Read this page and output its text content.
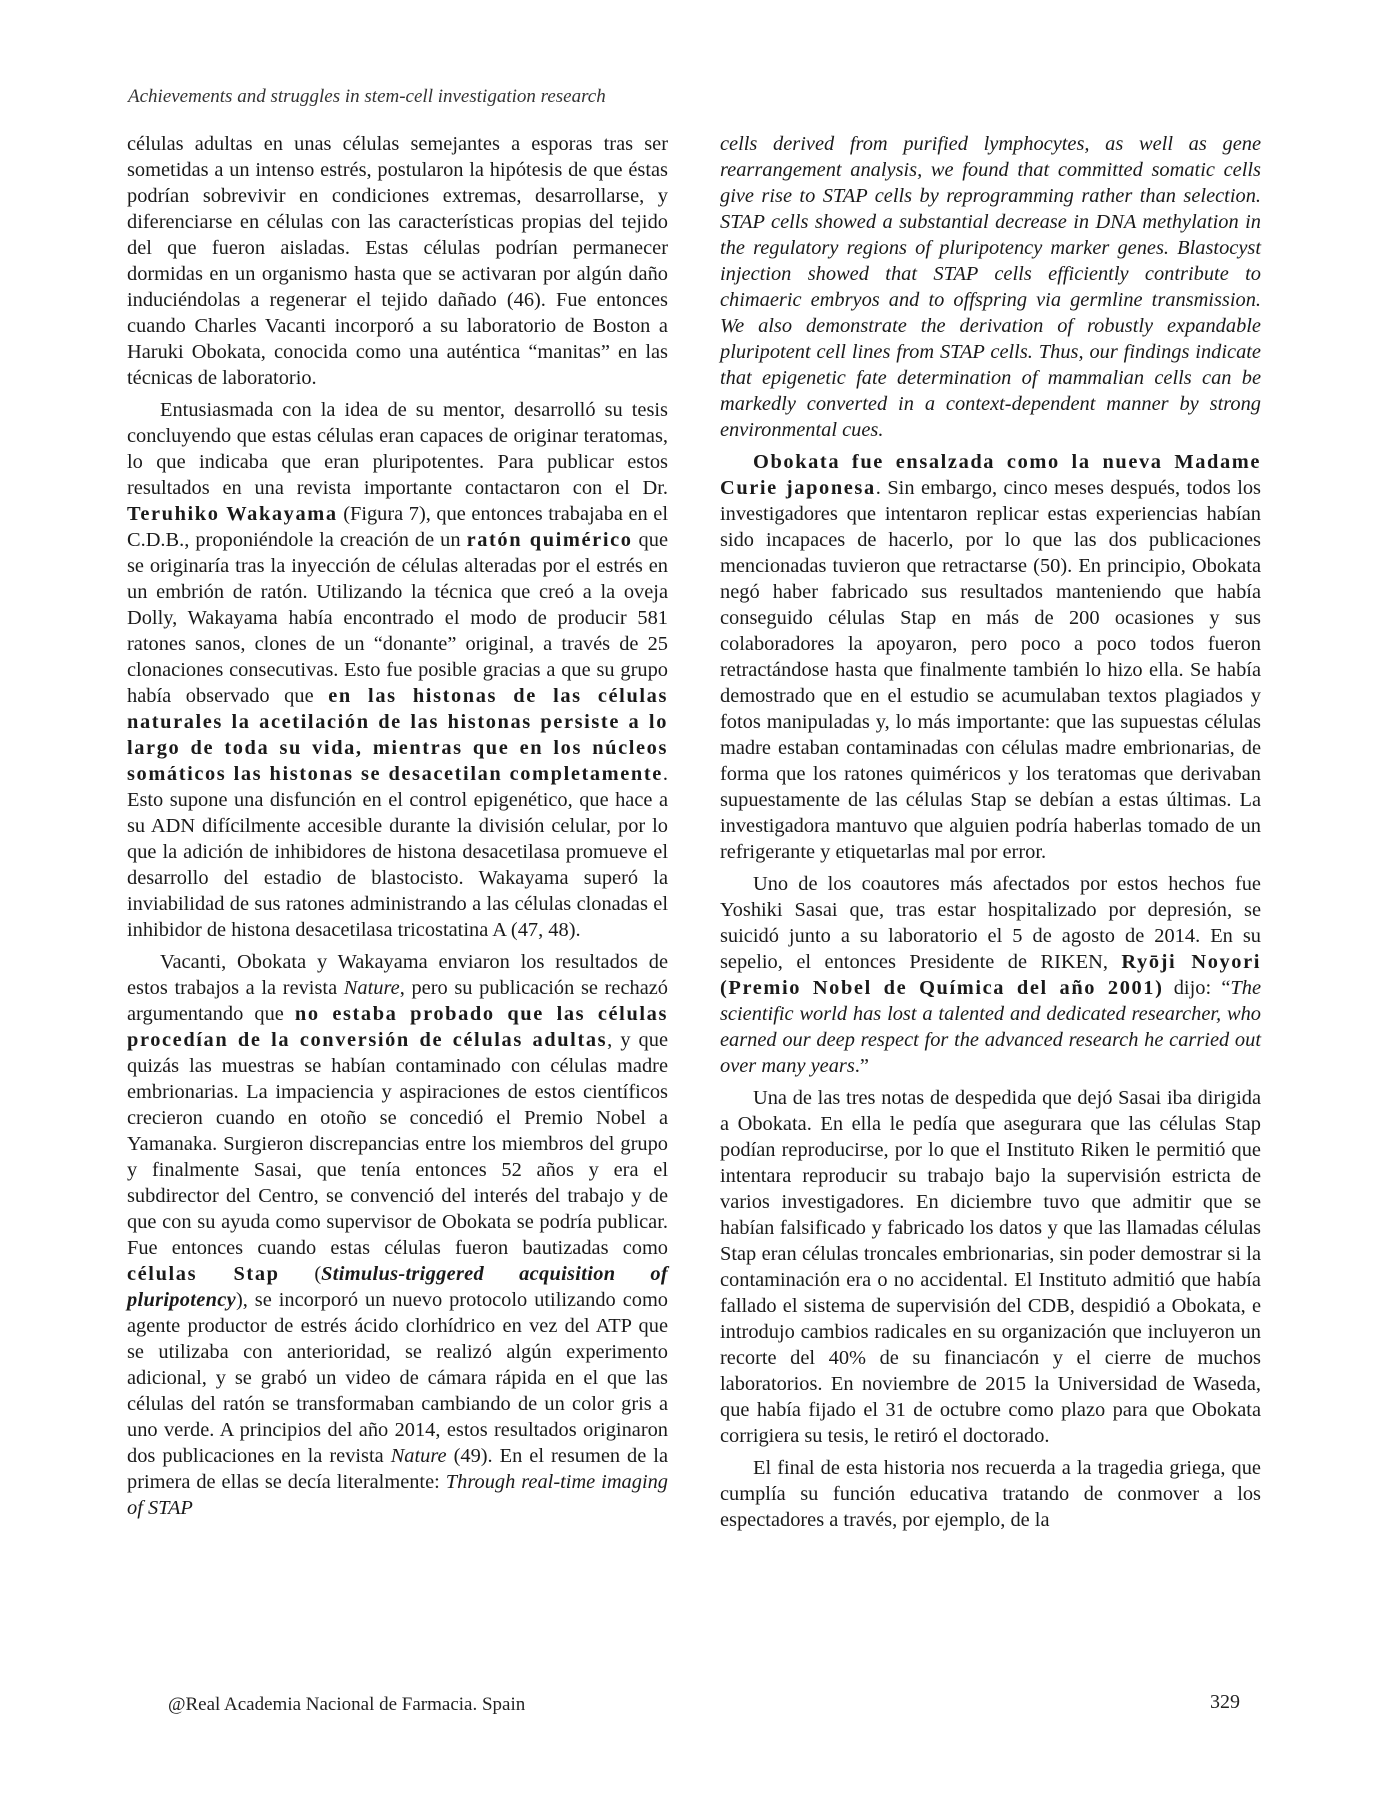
Achievements and struggles in stem-cell investigation research

células adultas en unas células semejantes a esporas tras ser sometidas a un intenso estrés, postularon la hipótesis de que éstas podrían sobrevivir en condiciones extremas, desarrollarse, y diferenciarse en células con las características propias del tejido del que fueron aisladas. Estas células podrían permanecer dormidas en un organismo hasta que se activaran por algún daño induciéndolas a regenerar el tejido dañado (46). Fue entonces cuando Charles Vacanti incorporó a su laboratorio de Boston a Haruki Obokata, conocida como una auténtica “manitas” en las técnicas de laboratorio.

Entusiasmada con la idea de su mentor, desarrolló su tesis concluyendo que estas células eran capaces de originar teratomas, lo que indicaba que eran pluripotentes. Para publicar estos resultados en una revista importante contactaron con el Dr. Teruhiko Wakayama (Figura 7), que entonces trabajaba en el C.D.B., proponiéndole la creación de un ratón quimérico que se originaría tras la inyección de células alteradas por el estrés en un embrión de ratón. Utilizando la técnica que creó a la oveja Dolly, Wakayama había encontrado el modo de producir 581 ratones sanos, clones de un “donante” original, a través de 25 clonaciones consecutivas. Esto fue posible gracias a que su grupo había observado que en las histonas de las células naturales la acetilación de las histonas persiste a lo largo de toda su vida, mientras que en los núcleos somáticos las histonas se desacetilan completamente. Esto supone una disfunción en el control epigenético, que hace a su ADN difícilmente accesible durante la división celular, por lo que la adición de inhibidores de histona desacetilasa promueve el desarrollo del estadio de blastocisto. Wakayama superó la inviabilidad de sus ratones administrando a las células clonadas el inhibidor de histona desacetilasa tricostatina A (47, 48).

Vacanti, Obokata y Wakayama enviaron los resultados de estos trabajos a la revista Nature, pero su publicación se rechazó argumentando que no estaba probado que las células procedían de la conversión de células adultas, y que quizás las muestras se habían contaminado con células madre embrionarias. La impaciencia y aspiraciones de estos científicos crecieron cuando en otoño se concedió el Premio Nobel a Yamanaka. Surgieron discrepancias entre los miembros del grupo y finalmente Sasai, que tenía entonces 52 años y era el subdirector del Centro, se convenció del interés del trabajo y de que con su ayuda como supervisor de Obokata se podría publicar. Fue entonces cuando estas células fueron bautizadas como células Stap (Stimulus-triggered acquisition of pluripotency), se incorporó un nuevo protocolo utilizando como agente productor de estrés ácido clorhídrico en vez del ATP que se utilizaba con anterioridad, se realizó algún experimento adicional, y se grabó un video de cámara rápida en el que las células del ratón se transformaban cambiando de un color gris a uno verde. A principios del año 2014, estos resultados originaron dos publicaciones en la revista Nature (49). En el resumen de la primera de ellas se decía literalmente: Through real-time imaging of STAP

cells derived from purified lymphocytes, as well as gene rearrangement analysis, we found that committed somatic cells give rise to STAP cells by reprogramming rather than selection. STAP cells showed a substantial decrease in DNA methylation in the regulatory regions of pluripotency marker genes. Blastocyst injection showed that STAP cells efficiently contribute to chimaeric embryos and to offspring via germline transmission. We also demonstrate the derivation of robustly expandable pluripotent cell lines from STAP cells. Thus, our findings indicate that epigenetic fate determination of mammalian cells can be markedly converted in a context-dependent manner by strong environmental cues.

Obokata fue ensalzada como la nueva Madame Curie japonesa. Sin embargo, cinco meses después, todos los investigadores que intentaron replicar estas experiencias habían sido incapaces de hacerlo, por lo que las dos publicaciones mencionadas tuvieron que retractarse (50). En principio, Obokata negó haber fabricado sus resultados manteniendo que había conseguido células Stap en más de 200 ocasiones y sus colaboradores la apoyaron, pero poco a poco todos fueron retractándose hasta que finalmente también lo hizo ella. Se había demostrado que en el estudio se acumulaban textos plagiados y fotos manipuladas y, lo más importante: que las supuestas células madre estaban contaminadas con células madre embrionarias, de forma que los ratones quiméricos y los teratomas que derivaban supuestamente de las células Stap se debían a estas últimas. La investigadora mantuvo que alguien podría haberlas tomado de un refrigerante y etiquetarlas mal por error.

Uno de los coautores más afectados por estos hechos fue Yoshiki Sasai que, tras estar hospitalizado por depresión, se suicidó junto a su laboratorio el 5 de agosto de 2014. En su sepelio, el entonces Presidente de RIKEN, Ryōji Noyori (Premio Nobel de Química del año 2001) dijo: “The scientific world has lost a talented and dedicated researcher, who earned our deep respect for the advanced research he carried out over many years.”

Una de las tres notas de despedida que dejó Sasai iba dirigida a Obokata. En ella le pedía que asegurara que las células Stap podían reproducirse, por lo que el Instituto Riken le permitió que intentara reproducir su trabajo bajo la supervisión estricta de varios investigadores. En diciembre tuvo que admitir que se habían falsificado y fabricado los datos y que las llamadas células Stap eran células troncales embrionarias, sin poder demostrar si la contaminación era o no accidental. El Instituto admitió que había fallado el sistema de supervisión del CDB, despidió a Obokata, e introdujo cambios radicales en su organización que incluyeron un recorte del 40% de su financiacón y el cierre de muchos laboratorios. En noviembre de 2015 la Universidad de Waseda, que había fijado el 31 de octubre como plazo para que Obokata corrigiera su tesis, le retiró el doctorado.

El final de esta historia nos recuerda a la tragedia griega, que cumplía su función educativa tratando de conmover a los espectadores a través, por ejemplo, de la

@Real Academia Nacional de Farmacia. Spain	329
